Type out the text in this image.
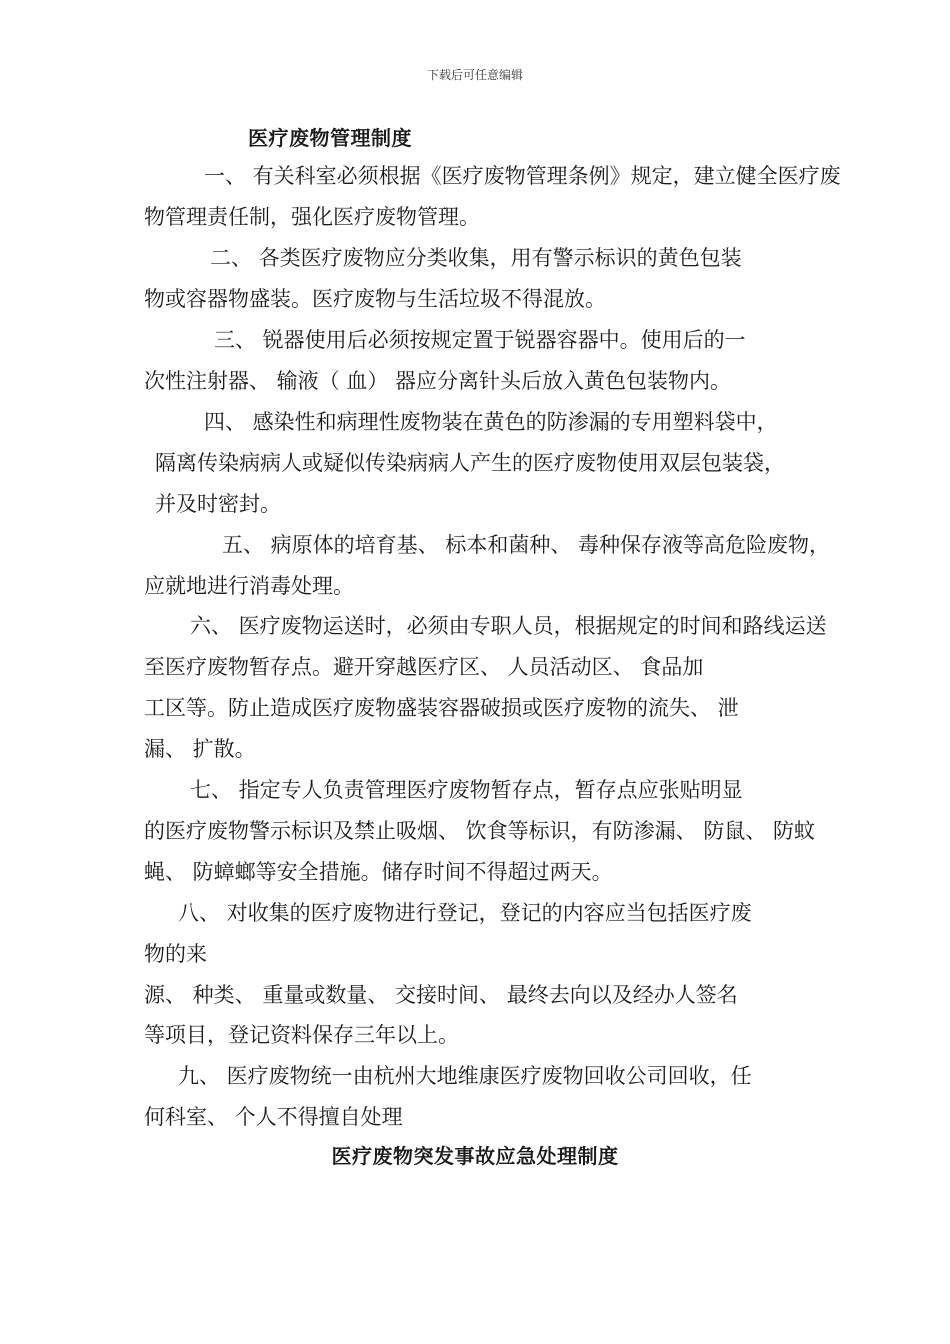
下载后可任意编辑
医疗废物管理制度
一、 有关科室必须根据《医疗废物管理条例》规定，建立健全医疗废
物管理责任制，强化医疗废物管理。
二、 各类医疗废物应分类收集，用有警示标识的黄色包装
物或容器物盛装。医疗废物与生活垃圾不得混放。
三、 锐器使用后必须按规定置于锐器容器中。使用后的一
次性注射器、 输液（ 血） 器应分离针头后放入黄色包装物内。
四、 感染性和病理性废物装在黄色的防渗漏的专用塑料袋中，
隔离传染病病人或疑似传染病病人产生的医疗废物使用双层包装袋，
并及时密封。
五、 病原体的培育基、 标本和菌种、 毒种保存液等高危险废物，
应就地进行消毒处理。
六、 医疗废物运送时，必须由专职人员，根据规定的时间和路线运送
至医疗废物暂存点。避开穿越医疗区、 人员活动区、 食品加
工区等。防止造成医疗废物盛装容器破损或医疗废物的流失、 泄
漏、 扩散。
七、 指定专人负责管理医疗废物暂存点，暂存点应张贴明显
的医疗废物警示标识及禁止吸烟、 饮食等标识，有防渗漏、 防鼠、 防蚊
蝇、 防蟑螂等安全措施。储存时间不得超过两天。
八、 对收集的医疗废物进行登记，登记的内容应当包括医疗废
物的来
源、 种类、 重量或数量、 交接时间、 最终去向以及经办人签名
等项目，登记资料保存三年以上。
九、 医疗废物统一由杭州大地维康医疗废物回收公司回收，任
何科室、 个人不得擅自处理
医疗废物突发事故应急处理制度
